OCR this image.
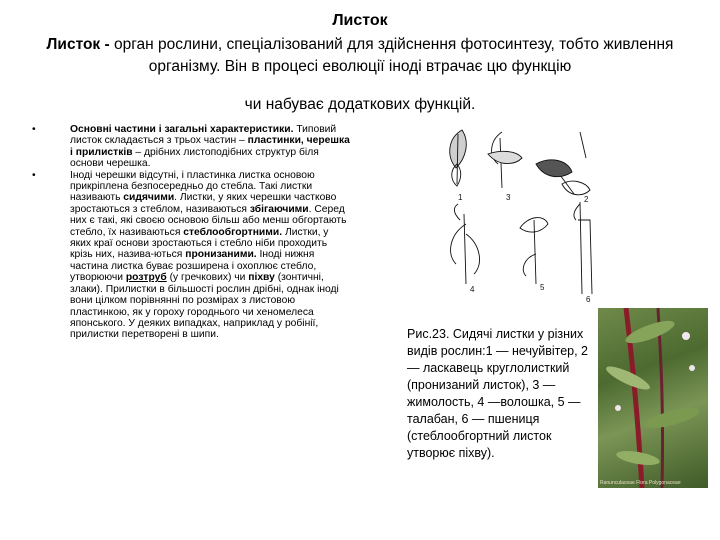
Листок
Листок - орган рослини, спеціалізований для здійснення фотосинтезу, тобто живлення організму. Він в процесі еволюції іноді втрачає цю функцію
чи набуває додаткових функцій.
•	Основні частини і загальні характеристики. Типовий листок складається з трьох частин – пластинки, черешка і прилистків – дрібних листоподібних структур біля основи черешка.
•	Іноді черешки відсутні, і пластинка листка основою прикріплена безпосередньо до стебла. Такі листки називають сидячими. Листки, у яких черешки частково зростаються з стеблом, називаються збігаючими. Серед них є такі, які своєю основою більш або менш обгортають стебло, їх називаються стеблообгортними. Листки, у яких краї основи зростаються і стебло ніби проходить крізь них, назива-ються пронизаними. Іноді нижня частина листка буває розширена і охоплює стебло, утворюючи розтруб (у гречкових) чи піхву (зонтичні, злаки). Прилистки в більшості рослин дрібні, однак іноді вони цілком порівнянні по розмірах з листовою пластинкою, як у гороху городнього чи хеномелеса японського. У деяких випадках, наприклад у робінії, прилистки перетворені в шипи.
1	3	2
4	5
6
Рис.23. Сидячі листки у різних видів рослин:1 — нечуйвітер, 2 — ласкавець круглолисткий (пронизаний листок), 3 —жимолость, 4 —волошка, 5 — талабан, 6 — пшениця (стеблообгортний листок утворює піхву).
Ranunculaceae Flora Polygonaceae
